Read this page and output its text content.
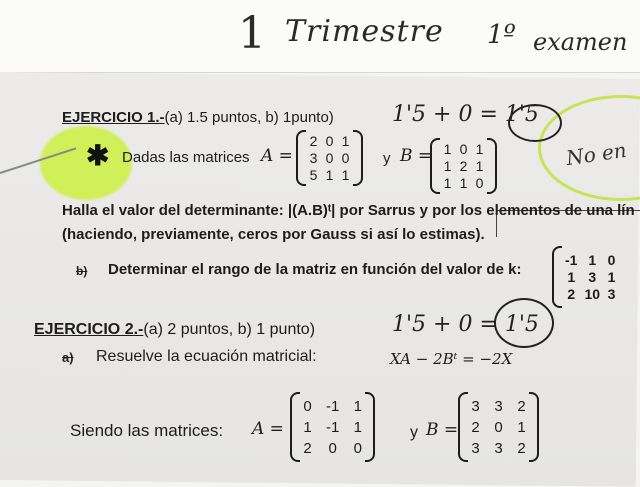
1 Trimestre 1º examen
EJERCICIO 1.-(a) 1.5 puntos, b) 1punto)	1'5 + 0 = 1'5
No en
✱ Dadas las matrices A =
2 0 1
3 0 0
5 1 1
y B = 1 0 1
1 2 1
1 1 0
Halla el valor del determinante: |(A.B)ᵗ| por Sarrus y por los elementos de una lín
(haciendo, previamente, ceros por Gauss si así lo estimas).
b) Determinar el rango de la matriz en función del valor de k:
-1 1 0
1 3 1
2 10 3
EJERCICIO 2.-(a) 2 puntos, b) 1 punto)	1'5 + 0 = 1'5
a) Resuelve la ecuación matricial:	XA − 2Bᵗ = −2X
Siendo las matrices: A =
0 -1 1
1 -1 1
2 0 0
y B =
3 3 2
2 0 1
3 3 2
